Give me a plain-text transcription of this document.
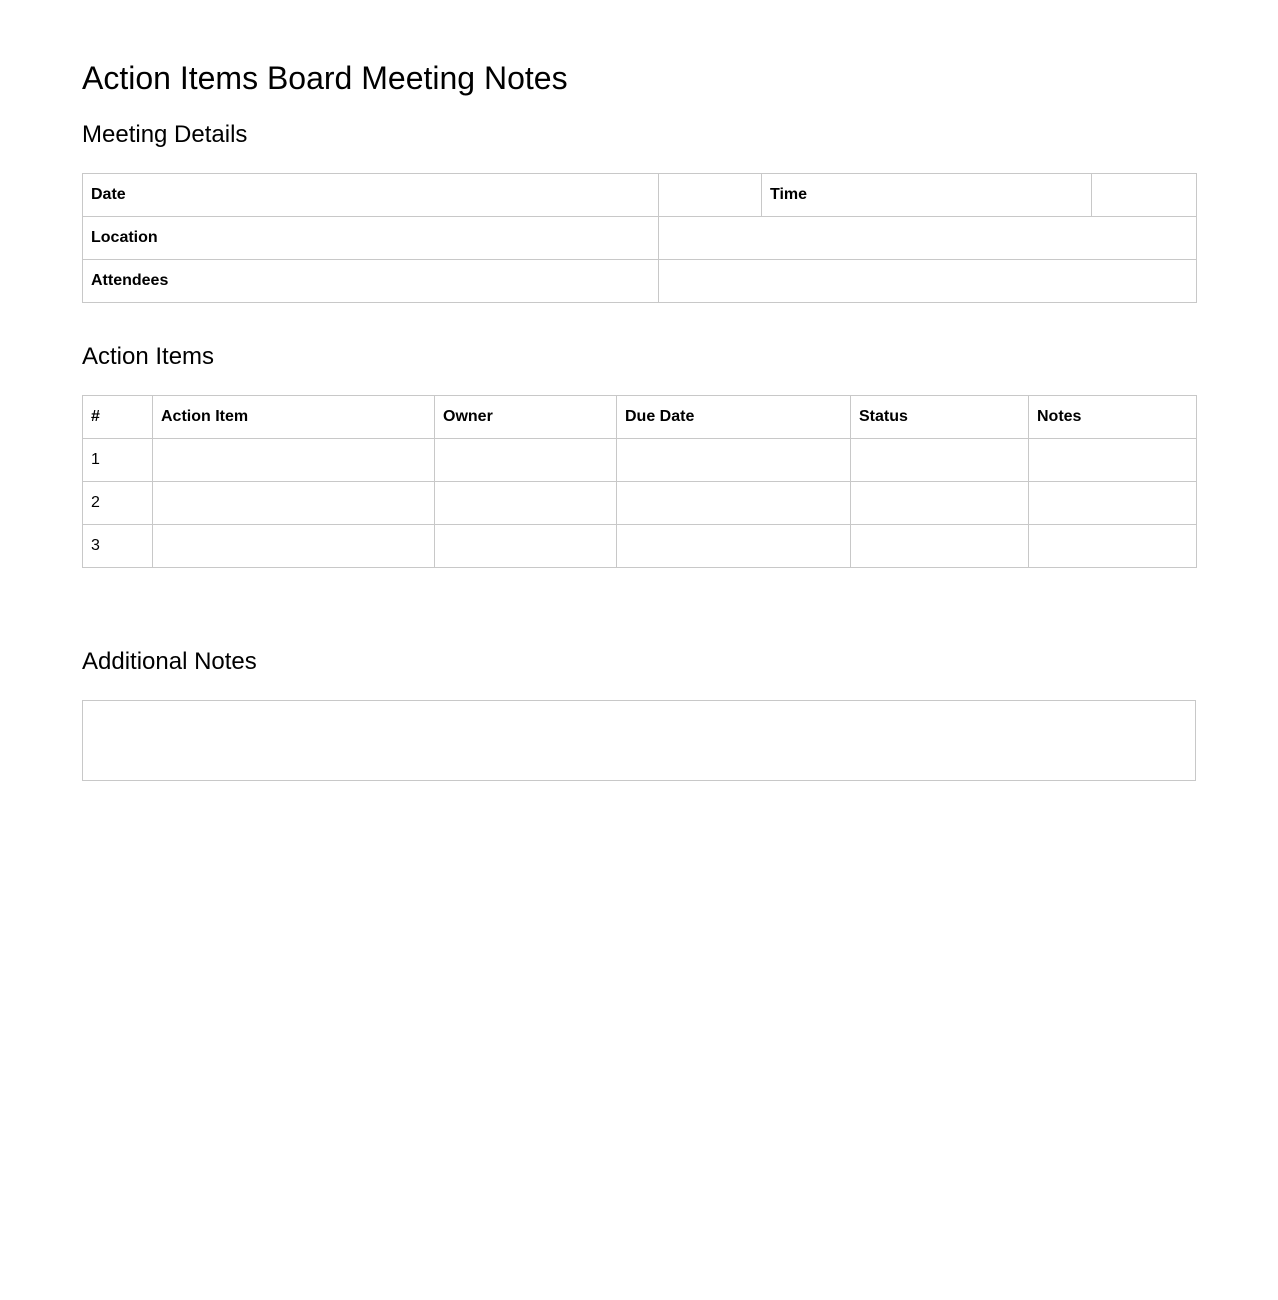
Action Items Board Meeting Notes
Meeting Details
Date		Time	
Location			
Attendees			
Action Items
#	Action Item	Owner	Due Date	Status	Notes
1					
2					
3					
Additional Notes
